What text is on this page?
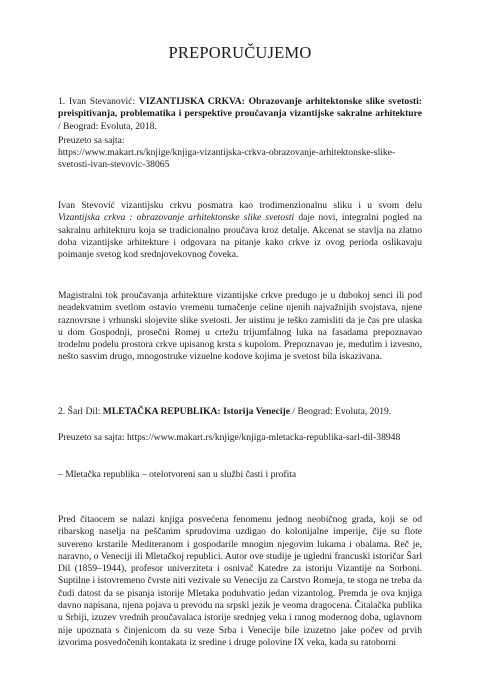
PREPORUČUJEMO

1. Ivan Stevanović: VIZANTIJSKA CRKVA: Obrazovanje arhitektonske slike svetosti: preispitivanja, problematika i perspektive proučavanja vizantijske sakralne arhitekture / Beograd: Evoluta, 2018.

Preuzeto sa sajta:

https://www.makart.rs/knjige/knjiga-vizantijska-crkva-obrazovanje-arhitektonske-slike-
svetosti-ivan-stevovic-38065

Ivan Stevović vizantijsku crkvu posmatra kao trodimenzionalnu sliku i u svom delu Vizantijska crkva : obrazovanje arhitektonske slike svetosti daje novi, integralni pogled na sakralnu arhitekturu koja se tradicionalno proučava kroz detalje. Akcenat se stavlja na zlatno doba vizantijske arhitekture i odgovara na pitanje kako crkve iz ovog perioda oslikavaju poimanje svetog kod srednjovekovnog čoveka.

Magistralni tok proučavanja arhitekture vizantijske crkve predugo je u dubokoj senci ili pod neadekvatnim svetlom ostavio vremenu tumačenje celine njenih najvažnijih svojstava, njene raznovrsne i vrhunski slojevite slike svetosti. Jer uistinu je teško zamisliti da je čas pre ulaska u dom Gospodnji, prosečni Romej u crtežu trijumfalnog luka na fasadama prepoznavao trodelnu podelu prostora crkve upisanog krsta s kupolom. Prepoznavao je, medutim i izvesno, nešto sasvim drugo, mnogostruke vizuelne kodove kojima je svetost bila iskazivana.

2. Šarl Dil: MLETAČKA REPUBLIKA: Istorija Venecije / Beograd: Evoluta, 2019.

Preuzeto sa sajta: https://www.makart.rs/knjige/knjiga-mletacka-republika-sarl-dil-38948

– Mletačka republika – otelotvoreni san u službi časti i profita

Pred čitaocem se nalazi knjiga posvećena fenomenu jednog neobičnog grada, koji se od ribarskog naselja na peščanim sprudovima uzdigao do kolonijalne imperije, čije su flote suvereno krstarile Mediteranom i gospodarile mnogim njegovim lukama i obalama. Reč je, naravno, o Veneciji ili Mletačkoj republici. Autor ove studije je ugledni francuski istoričar Šarl Dil (1859–1944), profesor univerziteta i osnivač Katedre za istoriju Vizantije na Sorboni. Suptilne i istovremeno čvrste niti vezivale su Veneciju za Carstvo Romeja, te stoga ne treba da čudi datost da se pisanja istorije Mletaka poduhvatio jedan vizantolog. Premda je ova knjiga davno napisana, njena pojava u prevodu na srpski jezik je veoma dragocena. Čitalačka publika u Srbiji, izuzev vrednih proučavalaca istorije srednjeg veka i ranog modernog doba, uglavnom nije upoznata s činjenicom da su veze Srba i Venecije bile izuzetno jake počev od prvih izvorima posvedočenih kontakata iz sredine i druge polovine IX veka, kada su ratoborni
